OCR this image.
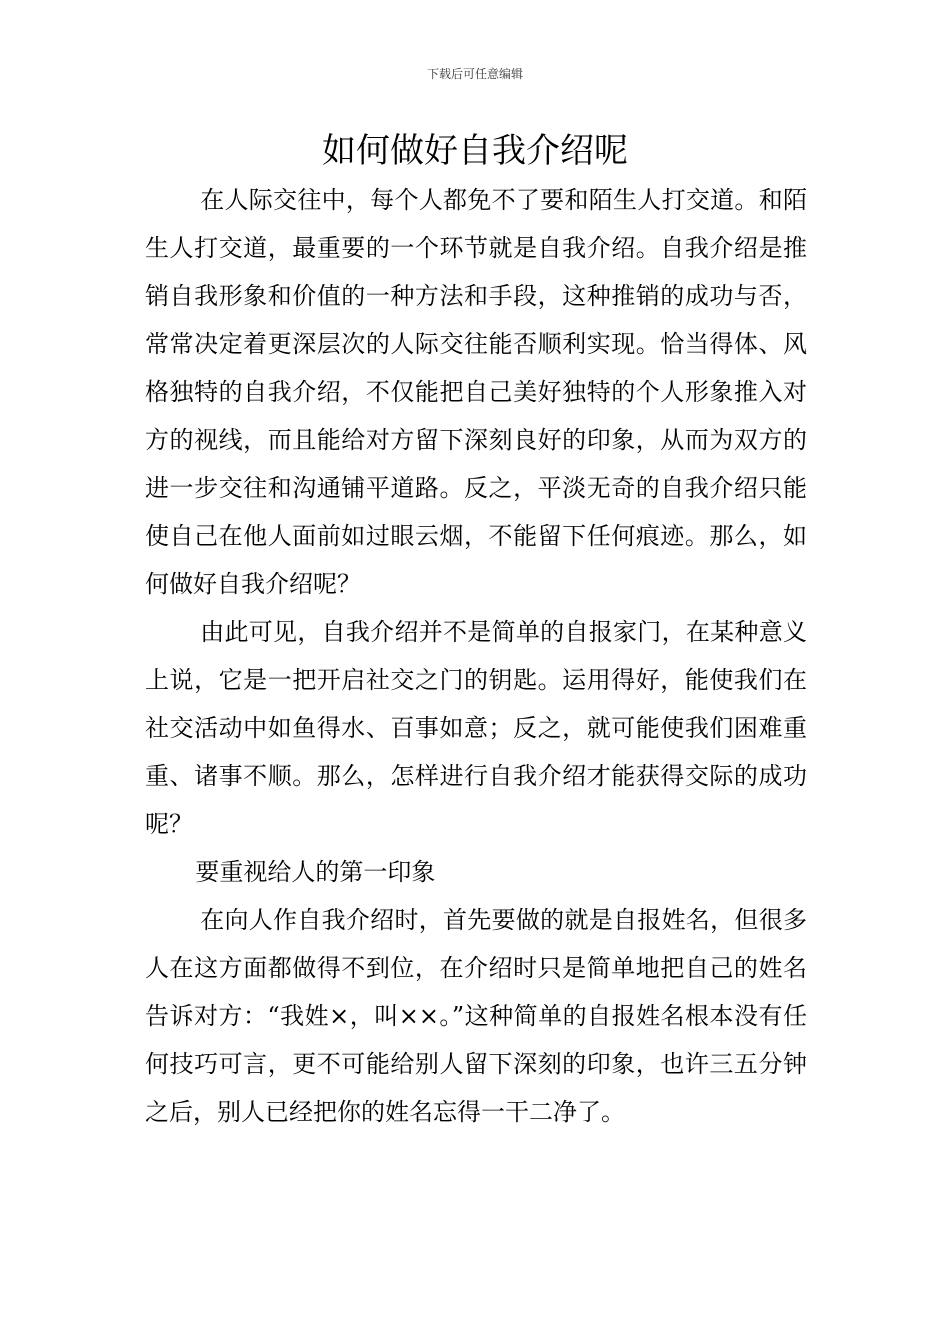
下载后可任意编辑
如何做好自我介绍呢

在人际交往中，每个人都免不了要和陌生人打交道。和陌生人打交道，最重要的一个环节就是自我介绍。自我介绍是推销自我形象和价值的一种方法和手段，这种推销的成功与否，常常决定着更深层次的人际交往能否顺利实现。恰当得体、风格独特的自我介绍，不仅能把自己美好独特的个人形象推入对方的视线，而且能给对方留下深刻良好的印象，从而为双方的进一步交往和沟通铺平道路。反之，平淡无奇的自我介绍只能使自己在他人面前如过眼云烟，不能留下任何痕迹。那么，如何做好自我介绍呢？

由此可见，自我介绍并不是简单的自报家门，在某种意义上说，它是一把开启社交之门的钥匙。运用得好，能使我们在社交活动中如鱼得水、百事如意；反之，就可能使我们困难重重、诸事不顺。那么，怎样进行自我介绍才能获得交际的成功呢？

要重视给人的第一印象

在向人作自我介绍时，首先要做的就是自报姓名，但很多人在这方面都做得不到位，在介绍时只是简单地把自己的姓名告诉对方：“我姓×，叫××。”这种简单的自报姓名根本没有任何技巧可言，更不可能给别人留下深刻的印象，也许三五分钟之后，别人已经把你的姓名忘得一干二净了。
